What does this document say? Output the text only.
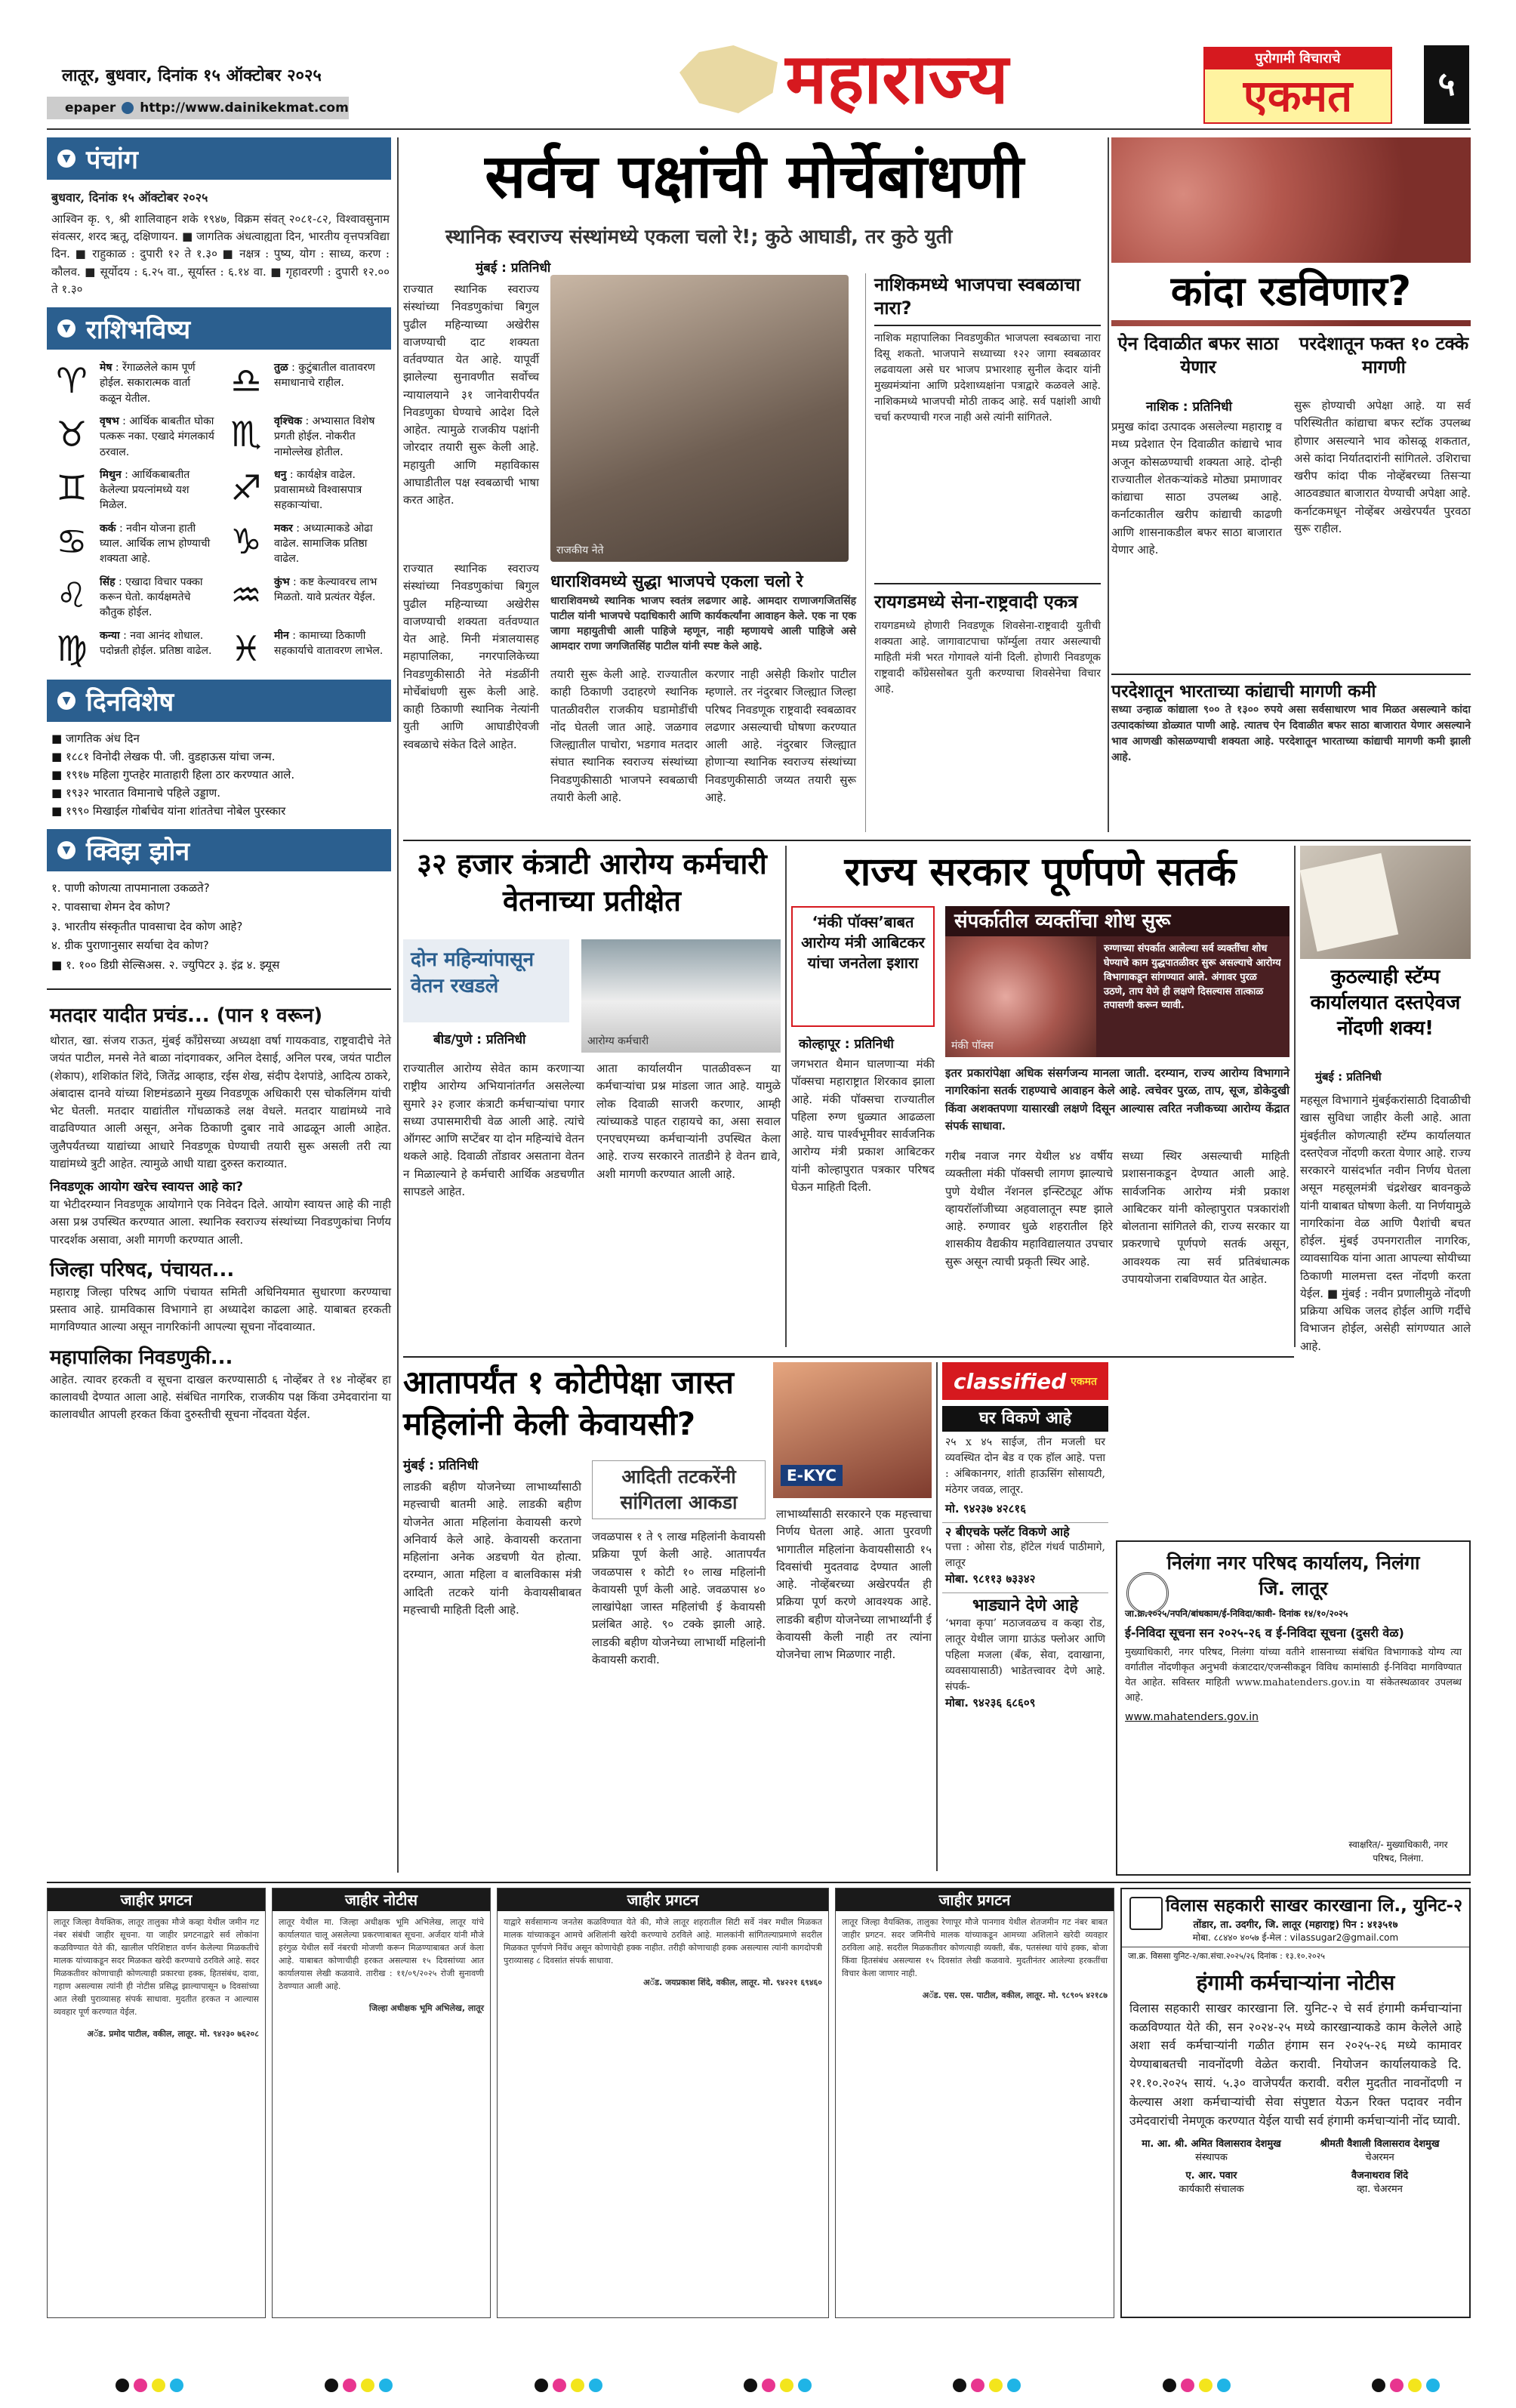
लातूर, बुधवार, दिनांक १५ ऑक्टोबर २०२५
epaper http://www.dainikekmat.com	महाराज्य	पुरोगामी विचाराचे
एकमत	५
▼ पंचांग
बुधवार, दिनांक १५ ऑक्टोबर २०२५
आश्विन कृ. ९, श्री शालिवाहन शके १९४७, विक्रम संवत् २०८१-८२, विश्वावसुनाम संवत्सर, शरद ऋतू, दक्षिणायन. ■ जागतिक अंधत्वाह्यता दिन, भारतीय वृत्तपत्रविद्या दिन. ■ राहुकाळ : दुपारी १२ ते १.३० ■ नक्षत्र : पुष्य, योग : साध्य, करण : कौलव. ■ सूर्योदय : ६.२५ वा., सूर्यास्त : ६.१४ वा. ■ गृहावरणी : दुपारी १२.०० ते १.३०
▼ राशिभविष्य
♈	मेष : रेंगाळलेले काम पूर्ण होईल. सकारात्मक वार्ता कळून येतील.	♎	तुळ : कुटुंबातील वातावरण समाधानाचे राहील.
♉	वृषभ : आर्थिक बाबतीत घोका पत्करू नका. एखादे मंगलकार्य ठरवाल.	♏	वृश्चिक : अभ्यासात विशेष प्रगती होईल. नोकरीत नामोल्लेख होतील.
♊	मिथुन : आर्थिकबाबतीत केलेल्या प्रयत्नांमध्ये यश मिळेल.	♐	धनु : कार्यक्षेत्र वाढेल. प्रवासामध्ये विश्वासपात्र सहकाऱ्यांचा.
♋	कर्क : नवीन योजना हाती घ्याल. आर्थिक लाभ होण्याची शक्यता आहे.	♑	मकर : अध्यात्माकडे ओढा वाढेल. सामाजिक प्रतिष्ठा वाढेल.
♌	सिंह : एखादा विचार पक्का करून घेतो. कार्यक्षमतेचे कौतुक होईल.	♒	कुंभ : कष्ट केल्यावरच लाभ मिळतो. यावे प्रत्यंतर येईल.
♍	कन्या : नवा आनंद शोधाल. पदोन्नती होईल. प्रतिष्ठा वाढेल. ♓	मीन : कामाच्या ठिकाणी सहकार्याचे वातावरण लाभेल.
▼ दिनविशेष
■ जागतिक अंध दिन
■ १८८१ विनोदी लेखक पी. जी. वुडहाऊस यांचा जन्म.
■ १९१७ महिला गुप्तहेर माताहारी हिला ठार करण्यात आले.
■ १९३२ भारतात विमानाचे पहिले उड्डाण.
■ १९९० मिखाईल गोर्बाचेव यांना शांततेचा नोबेल पुरस्कार
▼ क्विझ झोन
१. पाणी कोणत्या तापमानाला उकळते?
२. पावसाचा शेमन देव कोण?
३. भारतीय संस्कृतीत पावसाचा देव कोण आहे?
४. ग्रीक पुराणानुसार सर्याचा देव कोण?
■ १. १०० डिग्री सेल्सिअस. २. ज्युपिटर ३. इंद्र ४. झ्यूस
मतदार यादीत प्रचंड... (पान १ वरून)
थोरात, खा. संजय राऊत, मुंबई काँग्रेसच्या अध्यक्षा वर्षा गायकवाड, राष्ट्रवादीचे नेते जयंत पाटील, मनसे नेते बाळा नांदगावकर, अनिल देसाई, अनिल परब, जयंत पाटील (शेकाप), शशिकांत शिंदे, जितेंद्र आव्हाड, रईस शेख, संदीप देशपांडे, आदित्य ठाकरे, अंबादास दानवे यांच्या शिष्टमंडळाने मुख्य निवडणूक अधिकारी एस चोकलिंगम यांची भेट घेतली. मतदार याद्यांतील गोंधळाकडे लक्ष वेधले. मतदार याद्यांमध्ये नावे वाढविण्यात आली असून, अनेक ठिकाणी दुबार नावे आढळून आली आहेत. जुलैपर्यंतच्या याद्यांच्या आधारे निवडणूक घेण्याची तयारी सुरू असली तरी त्या याद्यांमध्ये त्रुटी आहेत. त्यामुळे आधी याद्या दुरुस्त कराव्यात.
निवडणूक आयोग खरेच स्वायत्त आहे का?
या भेटीदरम्यान निवडणूक आयोगाने एक निवेदन दिले. आयोग स्वायत्त आहे की नाही असा प्रश्न उपस्थित करण्यात आला. स्थानिक स्वराज्य संस्थांच्या निवडणुकांचा निर्णय पारदर्शक असावा, अशी मागणी करण्यात आली.
जिल्हा परिषद, पंचायत...
महाराष्ट्र जिल्हा परिषद आणि पंचायत समिती अधिनियमात सुधारणा करण्याचा प्रस्ताव आहे. ग्रामविकास विभागाने हा अध्यादेश काढला आहे. याबाबत हरकती मागविण्यात आल्या असून नागरिकांनी आपल्या सूचना नोंदवाव्यात.
महापालिका निवडणुकी...
आहेत. त्यावर हरकती व सूचना दाखल करण्यासाठी ६ नोव्हेंबर ते १४ नोव्हेंबर हा कालावधी देण्यात आला आहे. संबंधित नागरिक, राजकीय पक्ष किंवा उमेदवारांना या कालावधीत आपली हरकत किंवा दुरुस्तीची सूचना नोंदवता येईल.
सर्वच पक्षांची मोर्चेबांधणी
स्थानिक स्वराज्य संस्थांमध्ये एकला चलो रे!; कुठे आघाडी, तर कुठे युती
मुंबई : प्रतिनिधी
राज्यात स्थानिक स्वराज्य संस्थांच्या निवडणुकांचा बिगुल पुढील महिन्याच्या अखेरीस वाजण्याची दाट शक्यता वर्तवण्यात येत आहे. यापूर्वी झालेल्या सुनावणीत सर्वोच्च न्यायालयाने ३१ जानेवारीपर्यंत निवडणुका घेण्याचे आदेश दिले आहेत. त्यामुळे राजकीय पक्षांनी जोरदार तयारी सुरू केली आहे. महायुती आणि महाविकास आघाडीतील पक्ष स्वबळाची भाषा करत आहेत.
राजकीय नेते
राज्यात स्थानिक स्वराज्य संस्थांच्या निवडणुकांचा बिगुल पुढील महिन्याच्या अखेरीस वाजण्याची शक्यता वर्तवण्यात येत आहे. मिनी मंत्रालयासह महापालिका, नगरपालिकेच्या निवडणुकीसाठी नेते मंडळींनी मोर्चेबांधणी सुरू केली आहे. काही ठिकाणी स्थानिक नेत्यांनी युती आणि आघाडीऐवजी स्वबळाचे संकेत दिले आहेत.
धाराशिवमध्ये सुद्धा भाजपचे एकला चलो रे
धाराशिवमध्ये स्थानिक भाजप स्वतंत्र लढणार आहे. आमदार राणाजगजितसिंह पाटील यांनी भाजपचे पदाधिकारी आणि कार्यकर्त्यांना आवाहन केले. एक ना एक जागा महायुतीची आली पाहिजे म्हणून, नाही म्हणायचे आली पाहिजे असे आमदार राणा जगजितसिंह पाटील यांनी स्पष्ट केले आहे.
तयारी सुरू केली आहे. राज्यातील काही ठिकाणी उदाहरणे स्थानिक पातळीवरील राजकीय घडामोडींची नोंद घेतली जात आहे. जळगाव जिल्ह्यातील पाचोरा, भडगाव मतदार संघात स्थानिक स्वराज्य संस्थांच्या निवडणुकीसाठी भाजपने स्वबळाची तयारी केली आहे.
करणार नाही असेही किशोर पाटील म्हणाले. तर नंदुरबार जिल्ह्यात जिल्हा परिषद निवडणूक राष्ट्रवादी स्वबळावर लढणार असल्याची घोषणा करण्यात आली आहे. नंदुरबार जिल्ह्यात होणाऱ्या स्थानिक स्वराज्य संस्थांच्या निवडणुकीसाठी जय्यत तयारी सुरू आहे.
नाशिकमध्ये भाजपचा स्वबळाचा नारा?
नाशिक महापालिका निवडणुकीत भाजपला स्वबळाचा नारा दिसू शकतो. भाजपाने सध्याच्या १२२ जागा स्वबळावर लढवायला असे घर भाजप प्रभारशाह सुनील केदार यांनी मुख्यमंत्र्यांना आणि प्रदेशाध्यक्षांना पत्राद्वारे कळवले आहे. नाशिकमध्ये भाजपची मोठी ताकद आहे. सर्व पक्षांशी आधी चर्चा करण्याची गरज नाही असे त्यांनी सांगितले.
रायगडमध्ये सेना-राष्ट्रवादी एकत्र
रायगडमध्ये होणारी निवडणूक शिवसेना-राष्ट्रवादी युतीची शक्यता आहे. जागावाटपाचा फॉर्म्युला तयार असल्याची माहिती मंत्री भरत गोगावले यांनी दिली. होणारी निवडणूक राष्ट्रवादी काँग्रेससोबत युती करण्याचा शिवसेनेचा विचार आहे.
कांदा रडविणार?
ऐन दिवाळीत बफर साठा येणार
परदेशातून फक्त १० टक्के मागणी
नाशिक : प्रतिनिधी
प्रमुख कांदा उत्पादक असलेल्या महाराष्ट्र व मध्य प्रदेशात ऐन दिवाळीत कांद्याचे भाव अजून कोसळण्याची शक्यता आहे. दोन्ही राज्यातील शेतकऱ्यांकडे मोठ्या प्रमाणावर कांद्याचा साठा उपलब्ध आहे. कर्नाटकातील खरीप कांद्याची काढणी आणि शासनाकडील बफर साठा बाजारात येणार आहे.
सुरू होण्याची अपेक्षा आहे. या सर्व परिस्थितीत कांद्याचा बफर स्टॉक उपलब्ध होणार असल्याने भाव कोसळू शकतात, असे कांदा निर्यातदारांनी सांगितले. उशिराचा खरीप कांदा पीक नोव्हेंबरच्या तिसऱ्या आठवड्यात बाजारात येण्याची अपेक्षा आहे. कर्नाटकमधून नोव्हेंबर अखेरपर्यंत पुरवठा सुरू राहील.
परदेशातून भारताच्या कांद्याची मागणी कमी
सध्या उन्हाळ कांद्याला ९०० ते १३०० रुपये असा सर्वसाधारण भाव मिळत असल्याने कांदा उत्पादकांच्या डोळ्यात पाणी आहे. त्यातच ऐन दिवाळीत बफर साठा बाजारात येणार असल्याने भाव आणखी कोसळण्याची शक्यता आहे. परदेशातून भारताच्या कांद्याची मागणी कमी झाली आहे.
३२ हजार कंत्राटी आरोग्य कर्मचारी वेतनाच्या प्रतीक्षेत
दोन महिन्यांपासून वेतन रखडले
आरोग्य कर्मचारी
बीड/पुणे : प्रतिनिधी
राज्यातील आरोग्य सेवेत काम करणाऱ्या राष्ट्रीय आरोग्य अभियानांतर्गत असलेल्या सुमारे ३२ हजार कंत्राटी कर्मचाऱ्यांचा पगार सध्या उपासमारीची वेळ आली आहे. त्यांचे ऑगस्ट आणि सप्टेंबर या दोन महिन्यांचे वेतन थकले आहे. दिवाळी तोंडावर असताना वेतन न मिळाल्याने हे कर्मचारी आर्थिक अडचणीत सापडले आहेत.
आता कार्यालयीन पातळीवरून या कर्मचाऱ्यांचा प्रश्न मांडला जात आहे. यामुळे लोक दिवाळी साजरी करणार, आम्ही त्यांच्याकडे पाहत राहायचे का, असा सवाल एनएचएमच्या कर्मचाऱ्यांनी उपस्थित केला आहे. राज्य सरकारने तातडीने हे वेतन द्यावे, अशी मागणी करण्यात आली आहे.
राज्य सरकार पूर्णपणे सतर्क
‘मंकी पॉक्स’बाबत आरोग्य मंत्री आबिटकर यांचा जनतेला इशारा
कोल्हापूर : प्रतिनिधी
जगभरात थैमान घालणाऱ्या मंकी पॉक्सचा महाराष्ट्रात शिरकाव झाला आहे. मंकी पॉक्सचा राज्यातील पहिला रुग्ण धुळ्यात आढळला आहे. याच पार्श्वभूमीवर सार्वजनिक आरोग्य मंत्री प्रकाश आबिटकर यांनी कोल्हापुरात पत्रकार परिषद घेऊन माहिती दिली.
मंकी पॉक्स
संपर्कातील व्यक्तींचा शोध सुरू
रुग्णाच्या संपर्कात आलेल्या सर्व व्यक्तींचा शोध घेण्याचे काम युद्धपातळीवर सुरू असल्याचे आरोग्य विभागाकडून सांगण्यात आले. अंगावर पुरळ उठणे, ताप येणे ही लक्षणे दिसल्यास तात्काळ तपासणी करून घ्यावी.
इतर प्रकारांपेक्षा अधिक संसर्गजन्य मानला जाती. दरम्यान, राज्य आरोग्य विभागाने नागरिकांना सतर्क राहण्याचे आवाहन केले आहे. त्वचेवर पुरळ, ताप, सूज, डोकेदुखी किंवा अशक्तपणा यासारखी लक्षणे दिसून आल्यास त्वरित नजीकच्या आरोग्य केंद्रात संपर्क साधावा.
गरीब नवाज नगर येथील ४४ वर्षीय व्यक्तीला मंकी पॉक्सची लागण झाल्याचे पुणे येथील नॅशनल इन्स्टिट्यूट ऑफ व्हायरॉलॉजीच्या अहवालातून स्पष्ट झाले आहे. रुग्णावर धुळे शहरातील हिरे शासकीय वैद्यकीय महाविद्यालयात उपचार सुरू असून त्याची प्रकृती स्थिर आहे.
सध्या स्थिर असल्याची माहिती प्रशासनाकडून देण्यात आली आहे. सार्वजनिक आरोग्य मंत्री प्रकाश आबिटकर यांनी कोल्हापुरात पत्रकारांशी बोलताना सांगितले की, राज्य सरकार या प्रकरणाचे पूर्णपणे सतर्क असून, आवश्यक त्या सर्व प्रतिबंधात्मक उपाययोजना राबविण्यात येत आहेत.
कुठल्याही स्टॅम्प कार्यालयात दस्तऐवज नोंदणी शक्य!
मुंबई : प्रतिनिधी
महसूल विभागाने मुंबईकरांसाठी दिवाळीची खास सुविधा जाहीर केली आहे. आता मुंबईतील कोणत्याही स्टॅम्प कार्यालयात दस्तऐवज नोंदणी करता येणार आहे. राज्य सरकारने यासंदर्भात नवीन निर्णय घेतला असून महसूलमंत्री चंद्रशेखर बावनकुळे यांनी याबाबत घोषणा केली. या निर्णयामुळे नागरिकांना वेळ आणि पैशांची बचत होईल. मुंबई उपनगरातील नागरिक, व्यावसायिक यांना आता आपल्या सोयीच्या ठिकाणी मालमत्ता दस्त नोंदणी करता येईल. ■ मुंबई : नवीन प्रणालीमुळे नोंदणी प्रक्रिया अधिक जलद होईल आणि गर्दीचे विभाजन होईल, असेही सांगण्यात आले आहे.
आतापर्यंत १ कोटीपेक्षा जास्त महिलांनी केली केवायसी?
E-KYC
मुंबई : प्रतिनिधी	आदिती तटकरेंनी सांगितला आकडा
लाडकी बहीण योजनेच्या लाभार्थ्यांसाठी महत्त्वाची बातमी आहे. लाडकी बहीण योजनेत आता महिलांना केवायसी करणे अनिवार्य केले आहे. केवायसी करताना महिलांना अनेक अडचणी येत होत्या. दरम्यान, आता महिला व बालविकास मंत्री आदिती तटकरे यांनी केवायसीबाबत महत्त्वाची माहिती दिली आहे.
जवळपास १ ते ९ लाख महिलांनी केवायसी प्रक्रिया पूर्ण केली आहे. आतापर्यंत जवळपास १ कोटी १० लाख महिलांनी केवायसी पूर्ण केली आहे. जवळपास ४० लाखांपेक्षा जास्त महिलांची ई केवायसी प्रलंबित आहे. ९० टक्के झाली आहे. लाडकी बहीण योजनेच्या लाभार्थी महिलांनी केवायसी करावी.
लाभार्थ्यांसाठी सरकारने एक महत्त्वाचा निर्णय घेतला आहे. आता पुरवणी भागातील महिलांना केवायसीसाठी १५ दिवसांची मुदतवाढ देण्यात आली आहे. नोव्हेंबरच्या अखेरपर्यंत ही प्रक्रिया पूर्ण करणे आवश्यक आहे. लाडकी बहीण योजनेच्या लाभार्थ्यांनी ई केवायसी केली नाही तर त्यांना योजनेचा लाभ मिळणार नाही.
classified एकमत
घर विकणे आहे
२५ x ४५ साईज, तीन मजली घर व्यवस्थित दोन बेड व एक हॉल आहे. पत्ता : अंबिकानगर, शांती हाऊसिंग सोसायटी, मंठेगर जवळ, लातूर.
मो. ९४२३७ ४२८१६
२ बीएचके फ्लॅट विकणे आहे
पत्ता : ओसा रोड, हॉटेल गंधर्व पाठीमागे, लातूर
मोबा. ९८११३ ७३३४२
भाड्याने देणे आहे
‘भगवा कृपा’ मठाजवळच व कव्हा रोड, लातूर येथील जागा ग्राऊंड फ्लोअर आणि पहिला मजला (बँक, सेवा, दवाखाना, व्यवसायासाठी) भाडेतत्त्वावर देणे आहे. संपर्क-
मोबा. ९४२३६ ६८६०९
निलंगा नगर परिषद कार्यालय, निलंगा
जि. लातूर
जा.क्र.२०२५/नपनि/बांधकाम/ई-निविदा/कावी- दिनांक १४/१०/२०२५
ई-निविदा सूचना सन २०२५-२६ व ई-निविदा सूचना (दुसरी वेळ)
मुख्याधिकारी, नगर परिषद, निलंगा यांच्या वतीने शासनाच्या संबंधित विभागाकडे योग्य त्या वर्गातील नोंदणीकृत अनुभवी कंत्राटदार/एजन्सीकडून विविध कामांसाठी ई-निविदा मागविण्यात येत आहेत. सविस्तर माहिती www.mahatenders.gov.in या संकेतस्थळावर उपलब्ध आहे.
www.mahatenders.gov.in
स्वाक्षरित/- मुख्याधिकारी, नगर परिषद, निलंगा.
जाहीर प्रगटन
लातूर जिल्हा वैयक्तिक, लातूर तालुका मौजे कव्हा येथील जमीन गट नंबर संबंधी जाहीर सूचना. या जाहीर प्रगटनाद्वारे सर्व लोकांना कळविण्यात येते की, खालील परिशिष्टात वर्णन केलेल्या मिळकतीचे मालक यांच्याकडून सदर मिळकत खरेदी करण्याचे ठरविले आहे. सदर मिळकतीवर कोणाचाही कोणत्याही प्रकारचा हक्क, हितसंबंध, दावा, गहाण असल्यास त्यांनी ही नोटीस प्रसिद्ध झाल्यापासून ७ दिवसांच्या आत लेखी पुराव्यासह संपर्क साधावा. मुदतीत हरकत न आल्यास व्यवहार पूर्ण करण्यात येईल.
अॅड. प्रमोद पाटील, वकील, लातूर. मो. ९४२३० ७६२०८
जाहीर नोटीस
लातूर येथील मा. जिल्हा अधीक्षक भूमि अभिलेख, लातूर यांचे कार्यालयात चालू असलेल्या प्रकरणाबाबत सूचना. अर्जदार यांनी मौजे हरंगुळ येथील सर्वे नंबरची मोजणी करून मिळण्याबाबत अर्ज केला आहे. याबाबत कोणाचीही हरकत असल्यास १५ दिवसांच्या आत कार्यालयास लेखी कळवावे. तारीख : ११/०९/२०२५ रोजी सुनावणी ठेवण्यात आली आहे.
जिल्हा अधीक्षक भूमि अभिलेख, लातूर
जाहीर प्रगटन
याद्वारे सर्वसामान्य जनतेस कळविण्यात येते की, मौजे लातूर शहरातील सिटी सर्वे नंबर मधील मिळकत मालक यांच्याकडून आमचे अशिलांनी खरेदी करण्याचे ठरविले आहे. मालकांनी सांगितल्याप्रमाणे सदरील मिळकत पूर्णपणे निर्वेध असून कोणाचेही हक्क नाहीत. तरीही कोणाचाही हक्क असल्यास त्यांनी कागदोपत्री पुराव्यासह ८ दिवसांत संपर्क साधावा.
अॅड. जयप्रकाश शिंदे, वकील, लातूर. मो. ९४२२१ ६९४६०
जाहीर प्रगटन
लातूर जिल्हा वैयक्तिक, तालुका रेणापूर मौजे पानगाव येथील शेतजमीन गट नंबर बाबत जाहीर प्रगटन. सदर जमिनीचे मालक यांच्याकडून आमच्या अशिलाने खरेदी व्यवहार ठरविला आहे. सदरील मिळकतीवर कोणत्याही व्यक्ती, बँक, पतसंस्था यांचे हक्क, बोजा किंवा हितसंबंध असल्यास १५ दिवसांत लेखी कळवावे. मुदतीनंतर आलेल्या हरकतींचा विचार केला जाणार नाही.
अॅड. एस. एस. पाटील, वकील, लातूर. मो. ९८९०५ ४२१८७
विलास सहकारी साखर कारखाना लि., युनिट-२
तोंडार, ता. उदगीर, जि. लातूर (महाराष्ट्र) पिन : ४१३५१७
मोबा. ८८४४० ४०५७ ई-मेल : vilassugar2@gmail.com
जा.क्र. विससा युनिट-२/का.संचा.२०२५/२६ दिनांक : १३.१०.२०२५
हंगामी कर्मचाऱ्यांना नोटीस
विलास सहकारी साखर कारखाना लि. युनिट-२ चे सर्व हंगामी कर्मचाऱ्यांना कळविण्यात येते की, सन २०२४-२५ मध्ये कारखान्याकडे काम केलेले आहे अशा सर्व कर्मचाऱ्यांनी गळीत हंगाम सन २०२५-२६ मध्ये कामावर येण्याबाबतची नावनोंदणी वेळेत करावी. नियोजन कार्यालयाकडे दि. २१.१०.२०२५ सायं. ५.३० वाजेपर्यंत करावी. वरील मुदतीत नावनोंदणी न केल्यास अशा कर्मचाऱ्यांची सेवा संपुष्टात येऊन रिक्त पदावर नवीन उमेदवारांची नेमणूक करण्यात येईल याची सर्व हंगामी कर्मचाऱ्यांनी नोंद घ्यावी.
मा. आ. श्री. अमित विलासराव देशमुख
संस्थापक
श्रीमती वैशाली विलासराव देशमुख
चेअरमन
ए. आर. पवार
कार्यकारी संचालक
वैजनाथराव शिंदे
व्हा. चेअरमन
